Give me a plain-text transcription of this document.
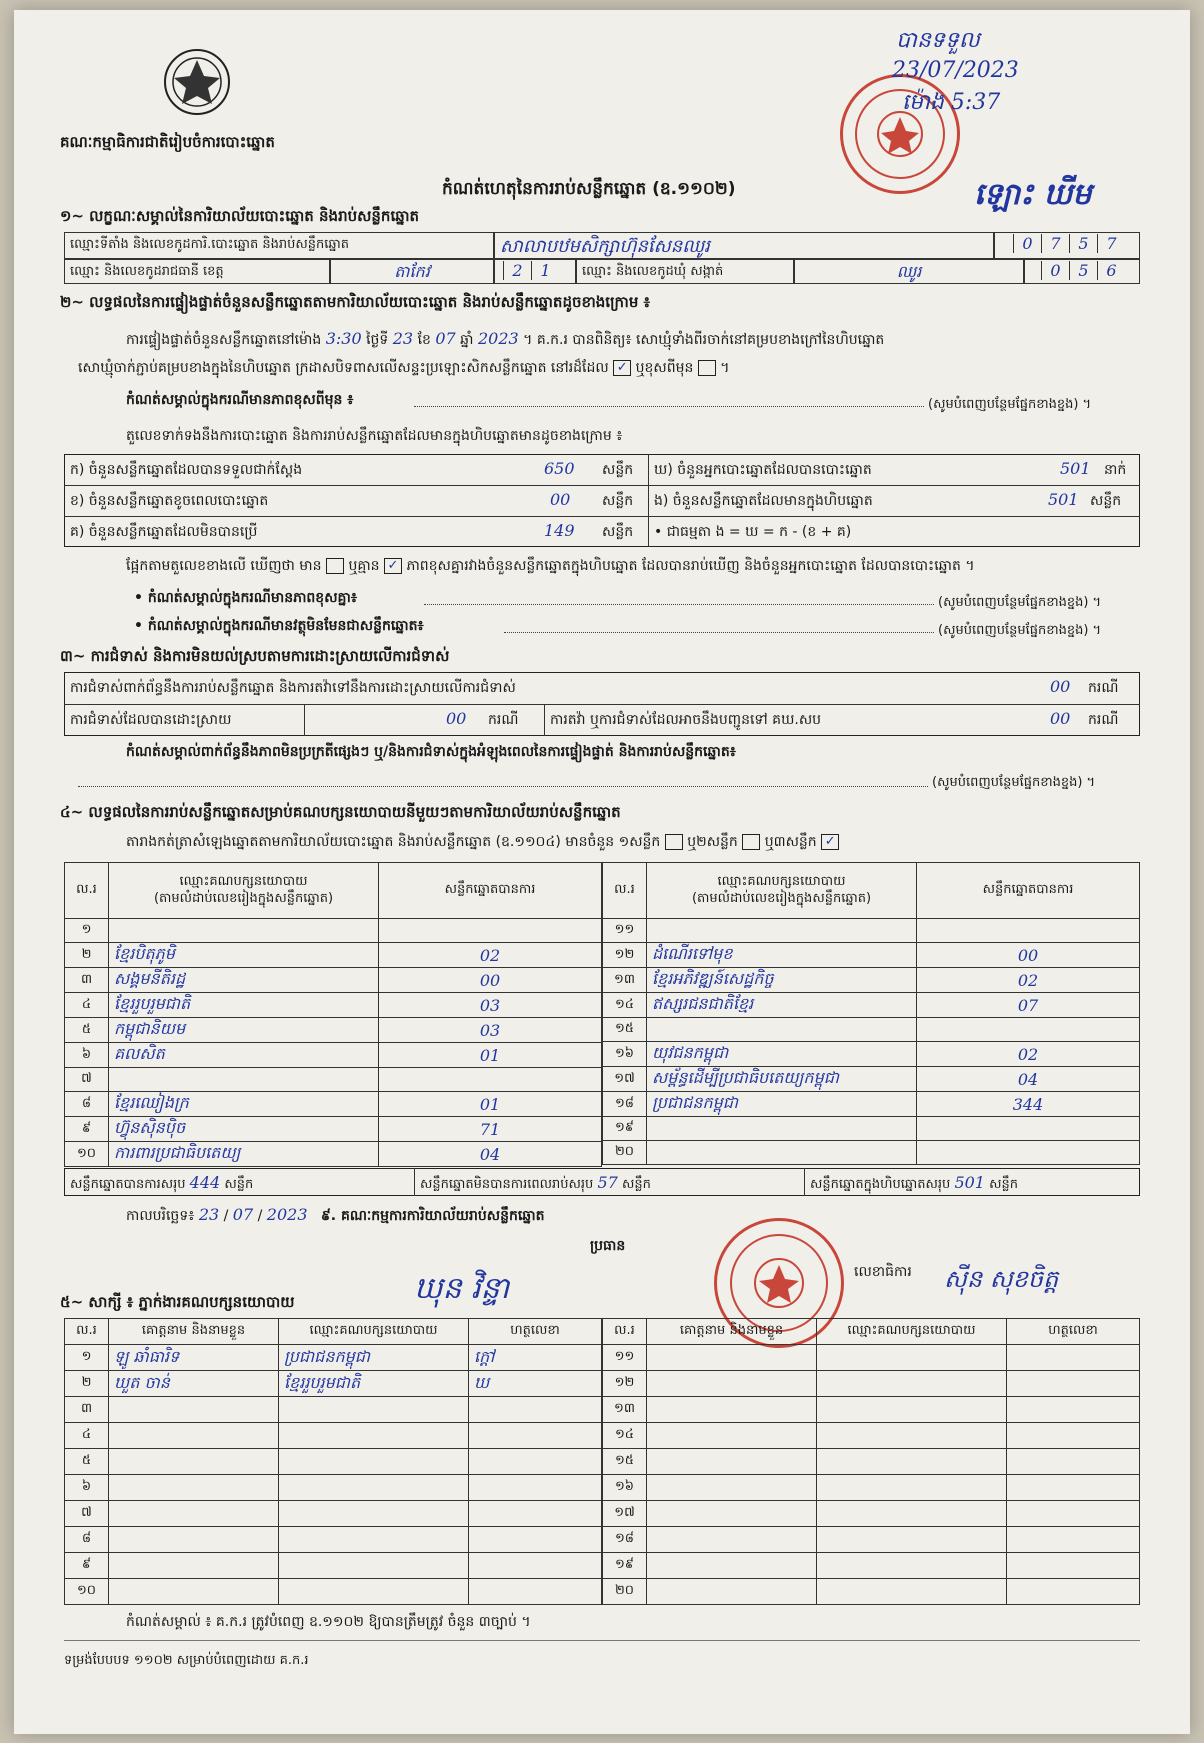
គណៈកម្មាធិការជាតិរៀបចំការបោះឆ្នោត
បានទទួល
23/07/2023
ម៉ោង 5:37
ឡោះ ឃីម
កំណត់ហេតុនៃការរាប់សន្លឹកឆ្នោត (ឧ.១១០២)
១~ លក្ខណៈសម្គាល់នៃការិយាល័យបោះឆ្នោត និងរាប់សន្លឹកឆ្នោត
ឈ្មោះទីតាំង និងលេខកូដការិ.បោះឆ្នោត និងរាប់សន្លឹកឆ្នោត	សាលាបឋមសិក្សាហ៊ុនសែនឈូរ	0 7 5 7
ឈ្មោះ និងលេខកូដរាជធានី ខេត្ត	តាកែវ	2 1	ឈ្មោះ និងលេខកូដឃុំ សង្កាត់	ឈូរ	0 5 6
២~ លទ្ធផលនៃការផ្ទៀងផ្ទាត់ចំនួនសន្លឹកឆ្នោតតាមការិយាល័យបោះឆ្នោត និងរាប់សន្លឹកឆ្នោតដូចខាងក្រោម ៖
ការផ្ទៀងផ្ទាត់ចំនួនសន្លឹកឆ្នោតនៅម៉ោង 3:30 ថ្ងៃទី 23 ខែ 07 ឆ្នាំ 2023 ។ គ.ក.រ បានពិនិត្យ៖ សោឃ្មុំទាំងពីរចាក់នៅគម្របខាងក្រៅនៃហិបឆ្នោត
សោឃ្មុំចាក់ភ្ជាប់គម្របខាងក្នុងនៃហិបឆ្នោត ក្រដាសបិទពាសលើសន្ទះប្រឡោះសិកសន្លឹកឆ្នោត នៅរដ៏ដែល ✓ ឬខុសពីមុន ។
កំណត់សម្គាល់ក្នុងករណីមានភាពខុសពីមុន ៖	(សូមបំពេញបន្ថែមផ្នែកខាងខ្នង) ។
តួលេខទាក់ទងនឹងការបោះឆ្នោត និងការរាប់សន្លឹកឆ្នោតដែលមានក្នុងហិបឆ្នោតមានដូចខាងក្រោម ៖
ក) ចំនួនសន្លឹកឆ្នោតដែលបានទទួលជាក់ស្តែង	650 សន្លឹក
ខ) ចំនួនសន្លឹកឆ្នោតខូចពេលបោះឆ្នោត	00 សន្លឹក
គ) ចំនួនសន្លឹកឆ្នោតដែលមិនបានប្រើ	149 សន្លឹក
ឃ) ចំនួនអ្នកបោះឆ្នោតដែលបានបោះឆ្នោត	501 នាក់
ង) ចំនួនសន្លឹកឆ្នោតដែលមានក្នុងហិបឆ្នោត	501 សន្លឹក
• ជាធម្មតា ង = ឃ = ក - (ខ + គ)
ផ្អែកតាមតួលេខខាងលើ ឃើញថា មាន ឬគ្មាន ✓ ភាពខុសគ្នារវាងចំនួនសន្លឹកឆ្នោតក្នុងហិបឆ្នោត ដែលបានរាប់ឃើញ និងចំនួនអ្នកបោះឆ្នោត ដែលបានបោះឆ្នោត ។
• កំណត់សម្គាល់ក្នុងករណីមានភាពខុសគ្នា៖	(សូមបំពេញបន្ថែមផ្នែកខាងខ្នង) ។
• កំណត់សម្គាល់ក្នុងករណីមានវត្ថុមិនមែនជាសន្លឹកឆ្នោត៖	(សូមបំពេញបន្ថែមផ្នែកខាងខ្នង) ។
៣~ ការជំទាស់ និងការមិនយល់ស្របតាមការដោះស្រាយលើការជំទាស់
ការជំទាស់ពាក់ព័ន្ធនឹងការរាប់សន្លឹកឆ្នោត និងការតវ៉ាទៅនឹងការដោះស្រាយលើការជំទាស់	00 ករណី
ការជំទាស់ដែលបានដោះស្រាយ	00 ករណី ការតវ៉ា ឬការជំទាស់ដែលអាចនឹងបញ្ជូនទៅ គឃ.សប	00 ករណី
កំណត់សម្គាល់ពាក់ព័ន្ធនឹងភាពមិនប្រក្រតីផ្សេងៗ ឬ/និងការជំទាស់ក្នុងអំឡុងពេលនៃការផ្ទៀងផ្ទាត់ និងការរាប់សន្លឹកឆ្នោត៖
(សូមបំពេញបន្ថែមផ្នែកខាងខ្នង) ។
៤~ លទ្ធផលនៃការរាប់សន្លឹកឆ្នោតសម្រាប់គណបក្សនយោបាយនីមួយៗតាមការិយាល័យរាប់សន្លឹកឆ្នោត
តារាងកត់ត្រាសំឡេងឆ្នោតតាមការិយាល័យបោះឆ្នោត និងរាប់សន្លឹកឆ្នោត (ឧ.១១០៤) មានចំនួន ១សន្លឹក ឬ២សន្លឹក ឬ៣សន្លឹក ✓
ល.រ	ឈ្មោះគណបក្សនយោបាយ
(តាមលំដាប់លេខរៀងក្នុងសន្លឹកឆ្នោត)	សន្លឹកឆ្នោតបានការ
១		
២	ខ្មែរបិតុភូមិ	02
៣	សង្គមនីតិរដ្ឋ	00
៤	ខ្មែររួបរួមជាតិ	03
៥	កម្ពុជានិយម	03
៦	គលសិត	01
៧		
៨	ខ្មែរឈៀងក្រ	01
៩	ហ៊្វុនស៊ិនប៉ិច	71
១០	ការពារប្រជាធិបតេយ្យ	04
ល.រ	ឈ្មោះគណបក្សនយោបាយ
(តាមលំដាប់លេខរៀងក្នុងសន្លឹកឆ្នោត)	សន្លឹកឆ្នោតបានការ
១១		
១២	ដំណើរទៅមុខ	00
១៣	ខ្មែរអភិវឌ្ឍន៍សេដ្ឋកិច្ច	02
១៤	ឥស្សរជនជាតិខ្មែរ	07
១៥		
១៦	យុវជនកម្ពុជា	02
១៧	សម្ព័ន្ធដើម្បីប្រជាធិបតេយ្យកម្ពុជា	04
១៨	ប្រជាជនកម្ពុជា	344
១៩		
២០		
សន្លឹកឆ្នោតបានការសរុប 444 សន្លឹក	សន្លឹកឆ្នោតមិនបានការពេលរាប់សរុប 57 សន្លឹក	សន្លឹកឆ្នោតក្នុងហិបឆ្នោតសរុប 501 សន្លឹក
កាលបរិច្ឆេទ៖ 23 / 07 / 2023 ៩. គណៈកម្មការការិយាល័យរាប់សន្លឹកឆ្នោត
ប្រធាន
លេខាធិការ
ឃុន វិន្ទា	ស៊ីន សុខចិត្ត
៥~ សាក្សី ៖ ភ្នាក់ងារគណបក្សនយោបាយ
ល.រ	គោត្តនាម និងនាមខ្លួន	ឈ្មោះគណបក្សនយោបាយ	ហត្ថលេខា
១	ឡូ ឆាំធារិទ	ប្រជាជនកម្ពុជា	ក្តៅ
២	ឃួត ចាន់	ខ្មែររួបរួមជាតិ	ឃ
៣			
៤			
៥			
៦			
៧			
៨			
៩			
១០			
ល.រ	គោត្តនាម និងនាមខ្លួន	ឈ្មោះគណបក្សនយោបាយ	ហត្ថលេខា
១១			
១២			
១៣			
១៤			
១៥			
១៦			
១៧			
១៨			
១៩			
២០			
កំណត់សម្គាល់ ៖ គ.ក.រ ត្រូវបំពេញ ឧ.១១០២ ឱ្យបានត្រឹមត្រូវ ចំនួន ៣ច្បាប់ ។
ទម្រង់បែបបទ ១១០២ សម្រាប់បំពេញដោយ គ.ក.រ
